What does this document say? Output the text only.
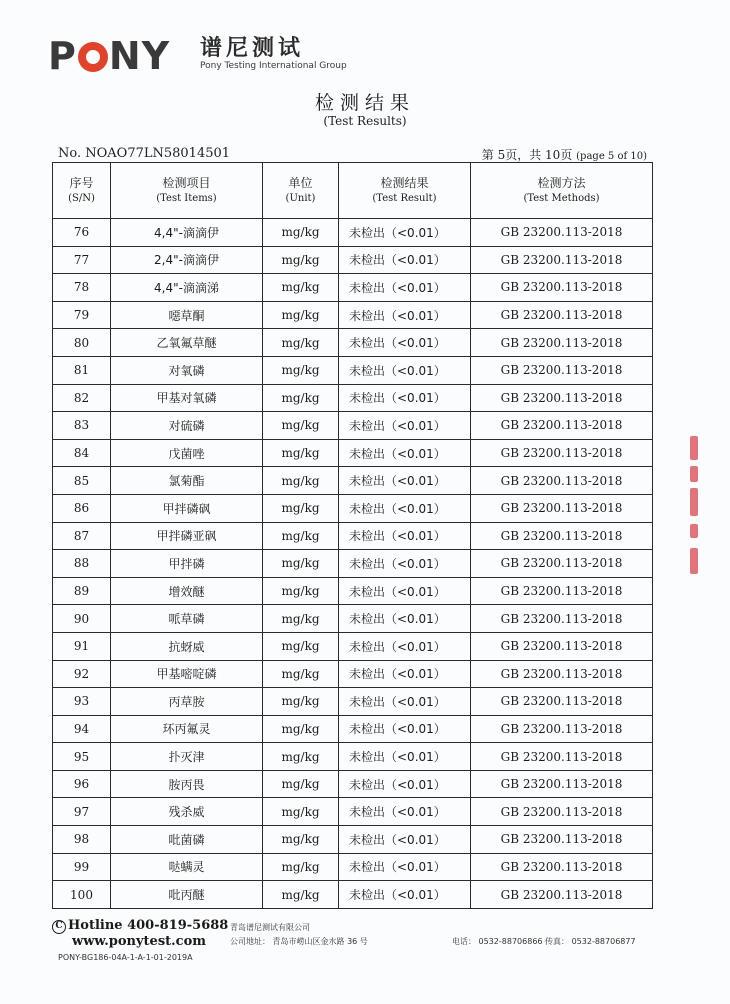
P NY 谱尼测试
Pony Testing International Group
检测结果
(Test Results)
No. NOAO77LN58014501	第 5页，共 10页 (page 5 of 10)
序号
(S/N)	检测项目
(Test Items)	单位
(Unit)	检测结果
(Test Result)	检测方法
(Test Methods)

76	4,4"-滴滴伊	mg/kg	未检出（<0.01）	GB 23200.113-2018
77	2,4"-滴滴伊	mg/kg	未检出（<0.01）	GB 23200.113-2018
78	4,4"-滴滴涕	mg/kg	未检出（<0.01）	GB 23200.113-2018
79	噁草酮	mg/kg	未检出（<0.01）	GB 23200.113-2018
80	乙氧氟草醚	mg/kg	未检出（<0.01）	GB 23200.113-2018
81	对氧磷	mg/kg	未检出（<0.01）	GB 23200.113-2018
82	甲基对氧磷	mg/kg	未检出（<0.01）	GB 23200.113-2018
83	对硫磷	mg/kg	未检出（<0.01）	GB 23200.113-2018
84	戊菌唑	mg/kg	未检出（<0.01）	GB 23200.113-2018
85	氯菊酯	mg/kg	未检出（<0.01）	GB 23200.113-2018
86	甲拌磷砜	mg/kg	未检出（<0.01）	GB 23200.113-2018
87	甲拌磷亚砜	mg/kg	未检出（<0.01）	GB 23200.113-2018
88	甲拌磷	mg/kg	未检出（<0.01）	GB 23200.113-2018
89	增效醚	mg/kg	未检出（<0.01）	GB 23200.113-2018
90	哌草磷	mg/kg	未检出（<0.01）	GB 23200.113-2018
91	抗蚜威	mg/kg	未检出（<0.01）	GB 23200.113-2018
92	甲基嘧啶磷	mg/kg	未检出（<0.01）	GB 23200.113-2018
93	丙草胺	mg/kg	未检出（<0.01）	GB 23200.113-2018
94	环丙氟灵	mg/kg	未检出（<0.01）	GB 23200.113-2018
95	扑灭津	mg/kg	未检出（<0.01）	GB 23200.113-2018
96	胺丙畏	mg/kg	未检出（<0.01）	GB 23200.113-2018
97	残杀威	mg/kg	未检出（<0.01）	GB 23200.113-2018
98	吡菌磷	mg/kg	未检出（<0.01）	GB 23200.113-2018
99	哒螨灵	mg/kg	未检出（<0.01）	GB 23200.113-2018
100	吡丙醚	mg/kg	未检出（<0.01）	GB 23200.113-2018
C Hotline 400-819-5688
www.ponytest.com
PONY-BG186-04A-1-A-1-01-2019A
青岛谱尼测试有限公司
公司地址： 青岛市崂山区金水路 36 号	电话： 0532-88706866 传真： 0532-88706877
